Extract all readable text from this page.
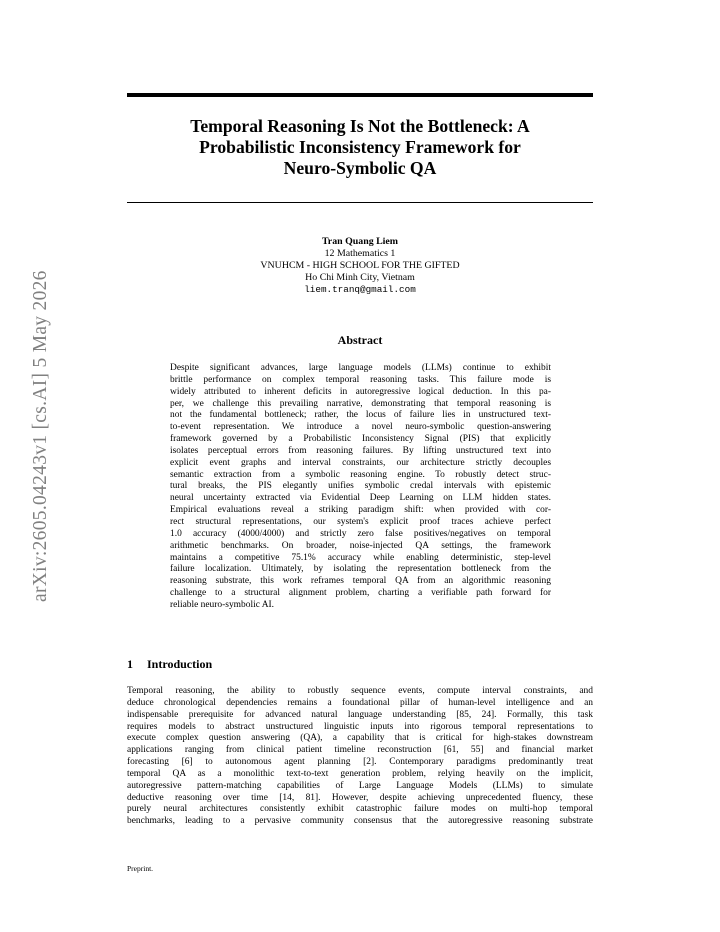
arXiv:2605.04243v1 [cs.AI] 5 May 2026
Temporal Reasoning Is Not the Bottleneck: A
Probabilistic Inconsistency Framework for
Neuro-Symbolic QA
Tran Quang Liem
12 Mathematics 1
VNUHCM - HIGH SCHOOL FOR THE GIFTED
Ho Chi Minh City, Vietnam
liem.tranq@gmail.com
Abstract
Despite significant advances, large language models (LLMs) continue to exhibit
brittle performance on complex temporal reasoning tasks. This failure mode is
widely attributed to inherent deficits in autoregressive logical deduction. In this pa-
per, we challenge this prevailing narrative, demonstrating that temporal reasoning is
not the fundamental bottleneck; rather, the locus of failure lies in unstructured text-
to-event representation. We introduce a novel neuro-symbolic question-answering
framework governed by a Probabilistic Inconsistency Signal (PIS) that explicitly
isolates perceptual errors from reasoning failures. By lifting unstructured text into
explicit event graphs and interval constraints, our architecture strictly decouples
semantic extraction from a symbolic reasoning engine. To robustly detect struc-
tural breaks, the PIS elegantly unifies symbolic credal intervals with epistemic
neural uncertainty extracted via Evidential Deep Learning on LLM hidden states.
Empirical evaluations reveal a striking paradigm shift: when provided with cor-
rect structural representations, our system's explicit proof traces achieve perfect
1.0 accuracy (4000/4000) and strictly zero false positives/negatives on temporal
arithmetic benchmarks. On broader, noise-injected QA settings, the framework
maintains a competitive 75.1% accuracy while enabling deterministic, step-level
failure localization. Ultimately, by isolating the representation bottleneck from the
reasoning substrate, this work reframes temporal QA from an algorithmic reasoning
challenge to a structural alignment problem, charting a verifiable path forward for
reliable neuro-symbolic AI.
1 Introduction
Temporal reasoning, the ability to robustly sequence events, compute interval constraints, and
deduce chronological dependencies remains a foundational pillar of human-level intelligence and an
indispensable prerequisite for advanced natural language understanding [85, 24]. Formally, this task
requires models to abstract unstructured linguistic inputs into rigorous temporal representations to
execute complex question answering (QA), a capability that is critical for high-stakes downstream
applications ranging from clinical patient timeline reconstruction [61, 55] and financial market
forecasting [6] to autonomous agent planning [2]. Contemporary paradigms predominantly treat
temporal QA as a monolithic text-to-text generation problem, relying heavily on the implicit,
autoregressive pattern-matching capabilities of Large Language Models (LLMs) to simulate
deductive reasoning over time [14, 81]. However, despite achieving unprecedented fluency, these
purely neural architectures consistently exhibit catastrophic failure modes on multi-hop temporal
benchmarks, leading to a pervasive community consensus that the autoregressive reasoning substrate
Preprint.
